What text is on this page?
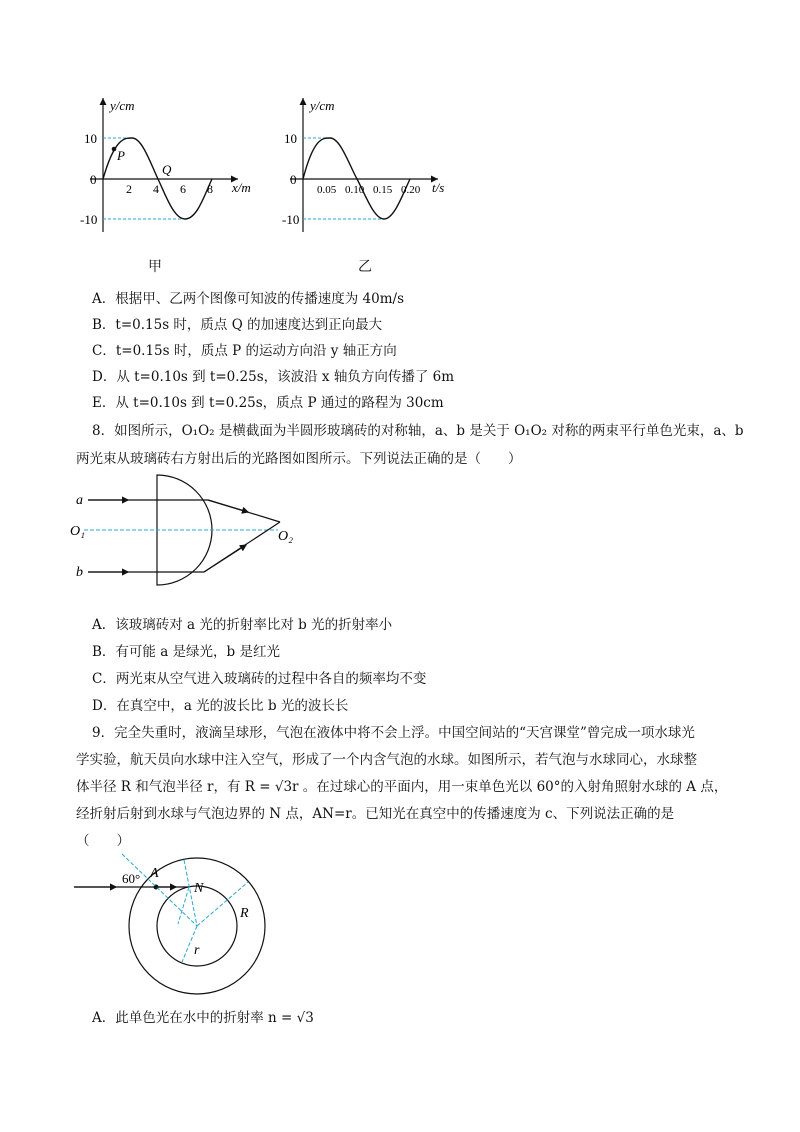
y/cm
x/m
10
0
-10
2 4 6 8
P
Q
甲
y/cm
t/s
10
0
-10
0.05 0.10 0.15 0.20
乙
A．根据甲、乙两个图像可知波的传播速度为 40m/s
B．t=0.15s 时，质点 Q 的加速度达到正向最大
C．t=0.15s 时，质点 P 的运动方向沿 y 轴正方向
D．从 t=0.10s 到 t=0.25s，该波沿 x 轴负方向传播了 6m
E．从 t=0.10s 到 t=0.25s，质点 P 通过的路程为 30cm
8．如图所示，O₁O₂ 是横截面为半圆形玻璃砖的对称轴，a、b 是关于 O₁O₂ 对称的两束平行单色光束，a、b
两光束从玻璃砖右方射出后的光路图如图所示。下列说法正确的是（　　）
a
O₁
b
O₂
A．该玻璃砖对 a 光的折射率比对 b 光的折射率小
B．有可能 a 是绿光，b 是红光
C．两光束从空气进入玻璃砖的过程中各自的频率均不变
D．在真空中，a 光的波长比 b 光的波长长
9．完全失重时，液滴呈球形，气泡在液体中将不会上浮。中国空间站的“天宫课堂”曾完成一项水球光
学实验，航天员向水球中注入空气，形成了一个内含气泡的水球。如图所示，若气泡与水球同心，水球整
体半径 R 和气泡半径 r，有 R = √3r 。在过球心的平面内，用一束单色光以 60°的入射角照射水球的 A 点，
经折射后射到水球与气泡边界的 N 点，AN=r。已知光在真空中的传播速度为 c、下列说法正确的是
（　　）
60° A
N
R
r
A．此单色光在水中的折射率 n = √3
